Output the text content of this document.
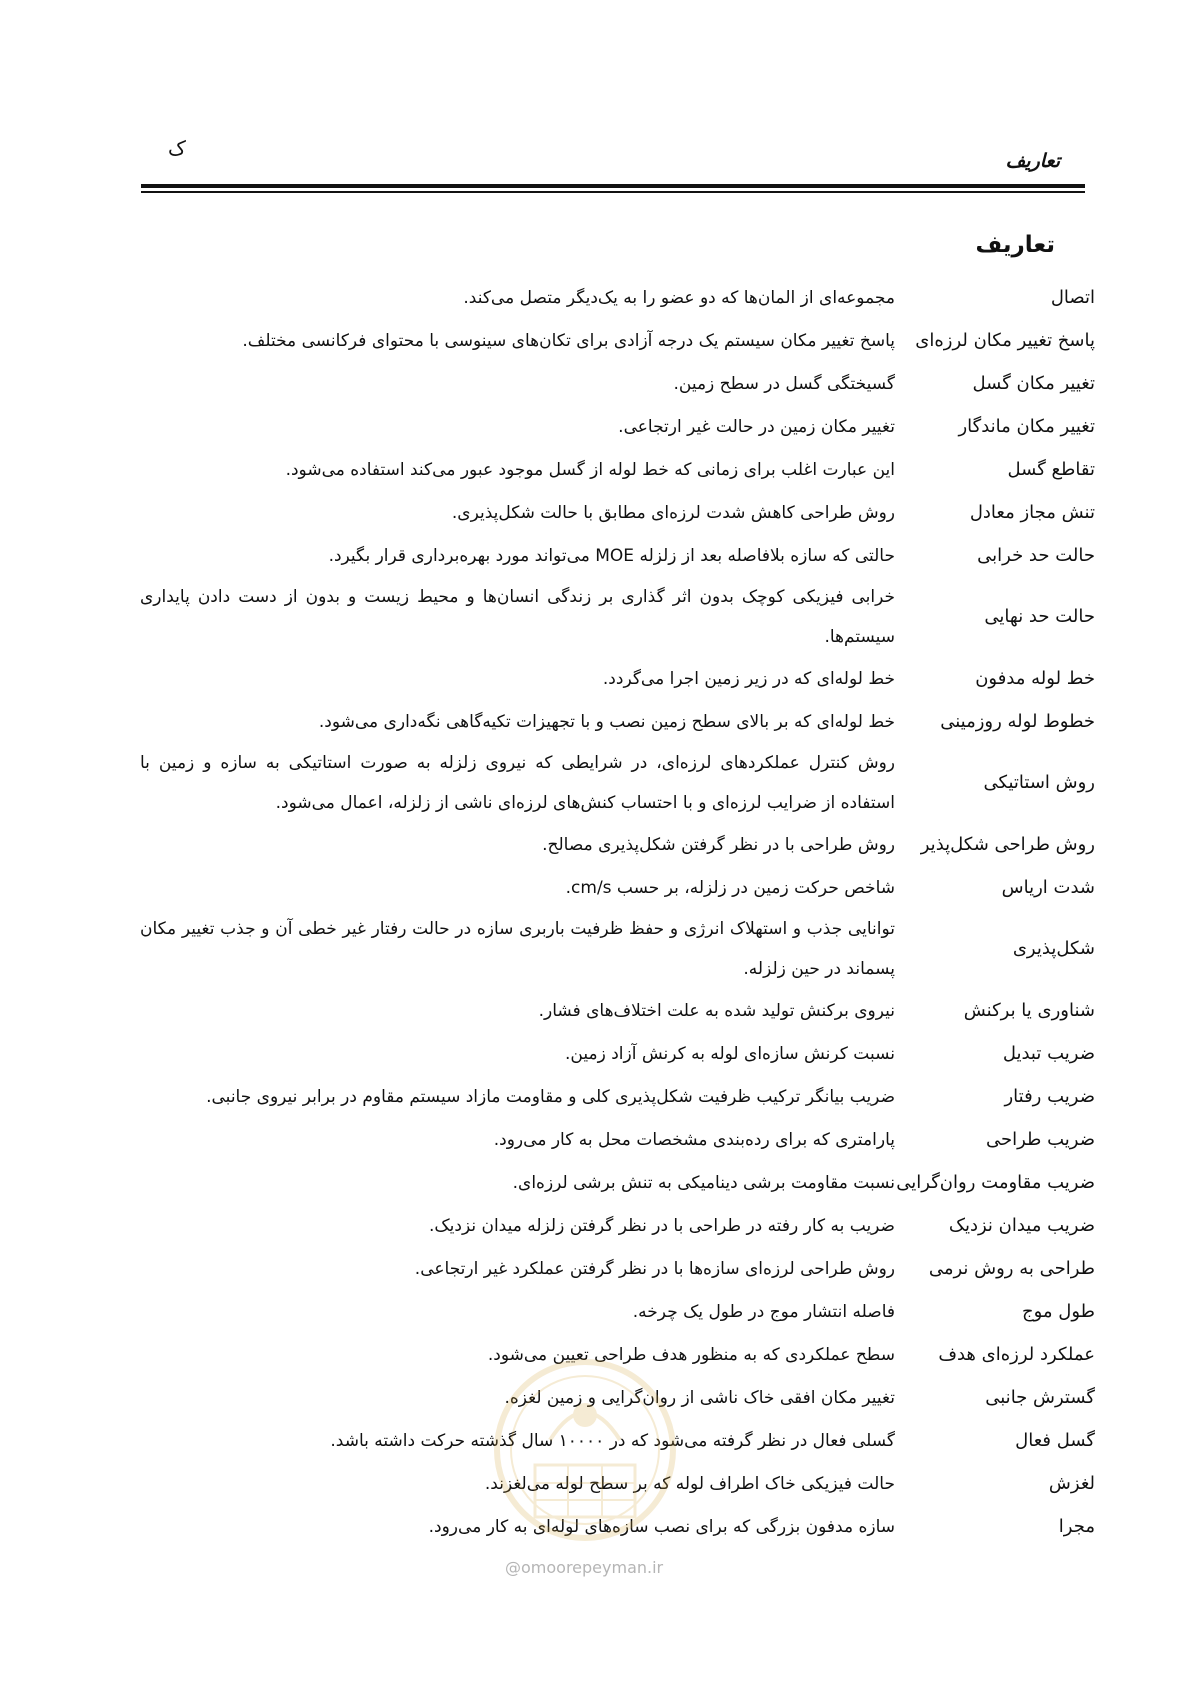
تعاریف
ک
تعاریف
اتصال
مجموعه‌ای از المان‌ها که دو عضو را به یک‌دیگر متصل می‌کند.
پاسخ تغییر مکان لرزه‌ای
پاسخ تغییر مکان سیستم یک درجه آزادی برای تکان‌های سینوسی با محتوای فرکانسی مختلف.
تغییر مکان گسل
گسیختگی گسل در سطح زمین.
تغییر مکان ماندگار
تغییر مکان زمین در حالت غیر ارتجاعی.
تقاطع گسل
این عبارت اغلب برای زمانی که خط لوله از گسل موجود عبور می‌کند استفاده می‌شود.
تنش مجاز معادل
روش طراحی کاهش شدت لرزه‌ای مطابق با حالت شکل‌پذیری.
حالت حد خرابی
حالتی که سازه بلافاصله بعد از زلزله MOE می‌تواند مورد بهره‌برداری قرار بگیرد.
حالت حد نهایی
خرابی فیزیکی کوچک بدون اثر گذاری بر زندگی انسان‌ها و محیط زیست و بدون از دست دادن پایداری سیستم‌ها.
خط لوله مدفون
خط لوله‌ای که در زیر زمین اجرا می‌گردد.
خطوط لوله روزمینی
خط لوله‌ای که بر بالای سطح زمین نصب و با تجهیزات تکیه‌گاهی نگه‌داری می‌شود.
روش استاتیکی
روش کنترل عملکردهای لرزه‌ای، در شرایطی که نیروی زلزله به صورت استاتیکی به سازه و زمین با استفاده از ضرایب لرزه‌ای و با احتساب کنش‌های لرزه‌ای ناشی از زلزله، اعمال می‌شود.
روش طراحی شکل‌پذیر
روش طراحی با در نظر گرفتن شکل‌پذیری مصالح.
شدت اریاس
شاخص حرکت زمین در زلزله، بر حسب cm/s.
شکل‌پذیری
توانایی جذب و استهلاک انرژی و حفظ ظرفیت باربری سازه در حالت رفتار غیر خطی آن و جذب تغییر مکان پسماند در حین زلزله.
شناوری یا برکنش
نیروی برکنش تولید شده به علت اختلاف‌های فشار.
ضریب تبدیل
نسبت کرنش سازه‌ای لوله به کرنش آزاد زمین.
ضریب رفتار
ضریب بیانگر ترکیب ظرفیت شکل‌پذیری کلی و مقاومت مازاد سیستم مقاوم در برابر نیروی جانبی.
ضریب طراحی
پارامتری که برای رده‌بندی مشخصات محل به کار می‌رود.
ضریب مقاومت روان‌گرایی
نسبت مقاومت برشی دینامیکی به تنش برشی لرزه‌ای.
ضریب میدان نزدیک
ضریب به کار رفته در طراحی با در نظر گرفتن زلزله میدان نزدیک.
طراحی به روش نرمی
روش طراحی لرزه‌ای سازه‌ها با در نظر گرفتن عملکرد غیر ارتجاعی.
طول موج
فاصله انتشار موج در طول یک چرخه.
عملکرد لرزه‌ای هدف
سطح عملکردی که به منظور هدف طراحی تعیین می‌شود.
گسترش جانبی
تغییر مکان افقی خاک ناشی از روان‌گرایی و زمین لغزه.
گسل فعال
گسلی فعال در نظر گرفته می‌شود که در ۱۰۰۰۰ سال گذشته حرکت داشته باشد.
لغزش
حالت فیزیکی خاک اطراف لوله که بر سطح لوله می‌لغزند.
مجرا
سازه مدفون بزرگی که برای نصب سازه‌های لوله‌ای به کار می‌رود.
@omoorepeyman.ir
